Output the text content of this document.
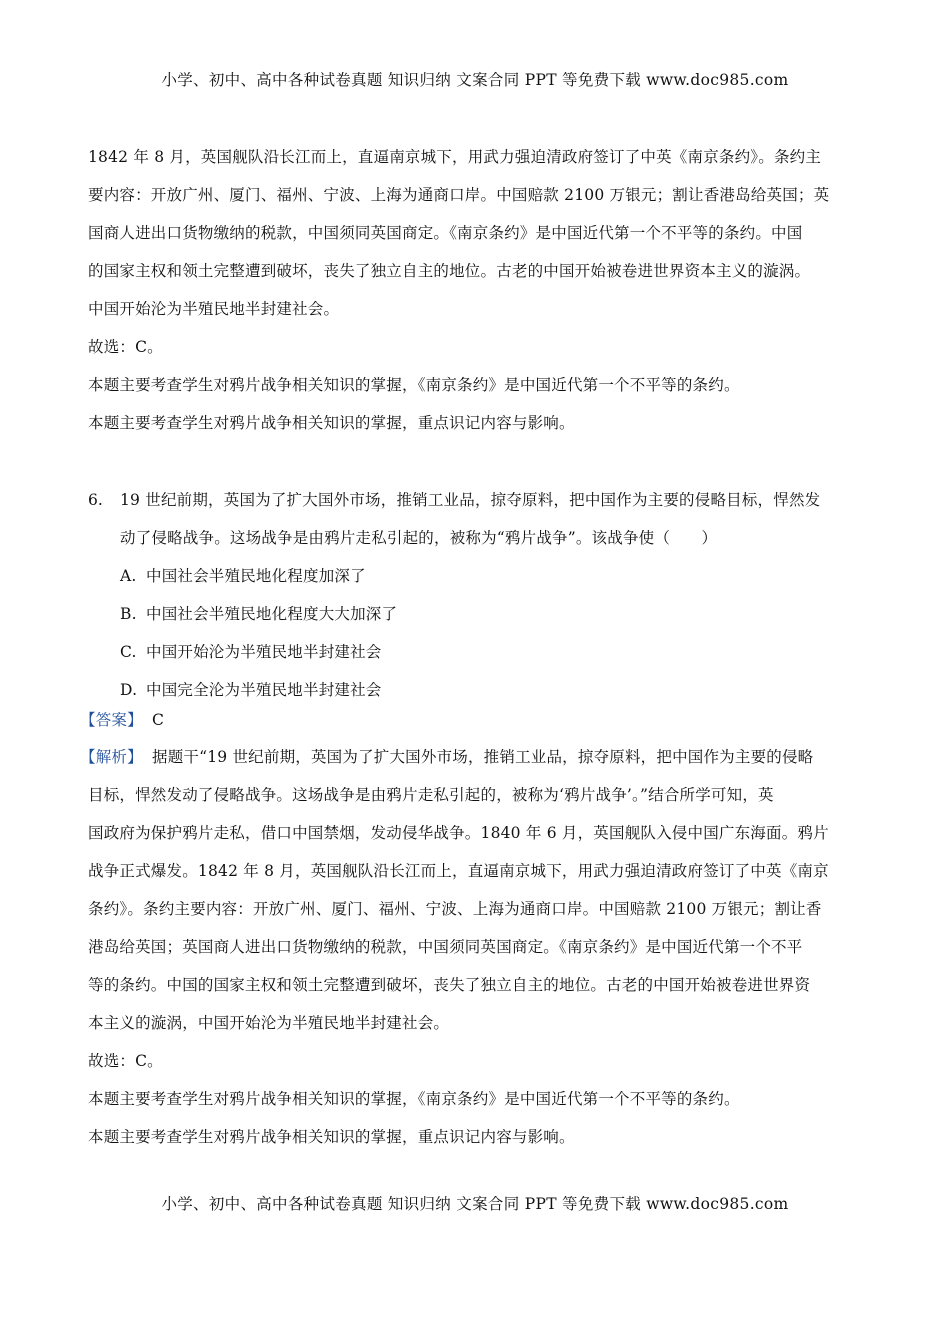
小学、初中、高中各种试卷真题 知识归纳 文案合同 PPT 等免费下载 www.doc985.com
1842 年 8 月，英国舰队沿长江而上，直逼南京城下，用武力强迫清政府签订了中英《南京条约》。条约主
要内容：开放广州、厦门、福州、宁波、上海为通商口岸。中国赔款 2100 万银元；割让香港岛给英国；英
国商人进出口货物缴纳的税款，中国须同英国商定。《南京条约》是中国近代第一个不平等的条约。中国
的国家主权和领土完整遭到破坏，丧失了独立自主的地位。古老的中国开始被卷进世界资本主义的漩涡。
中国开始沦为半殖民地半封建社会。
故选：C。
本题主要考查学生对鸦片战争相关知识的掌握，《南京条约》是中国近代第一个不平等的条约。
本题主要考查学生对鸦片战争相关知识的掌握，重点识记内容与影响。
6. 19 世纪前期，英国为了扩大国外市场，推销工业品，掠夺原料，把中国作为主要的侵略目标，悍然发
动了侵略战争。这场战争是由鸦片走私引起的，被称为“鸦片战争”。该战争使（　　）
A. 中国社会半殖民地化程度加深了
B. 中国社会半殖民地化程度大大加深了
C. 中国开始沦为半殖民地半封建社会
D. 中国完全沦为半殖民地半封建社会
【答案】 C
【解析】 据题干“19 世纪前期，英国为了扩大国外市场，推销工业品，掠夺原料，把中国作为主要的侵略
目标，悍然发动了侵略战争。这场战争是由鸦片走私引起的，被称为‘鸦片战争’。”结合所学可知，英
国政府为保护鸦片走私，借口中国禁烟，发动侵华战争。1840 年 6 月，英国舰队入侵中国广东海面。鸦片
战争正式爆发。1842 年 8 月，英国舰队沿长江而上，直逼南京城下，用武力强迫清政府签订了中英《南京
条约》。条约主要内容：开放广州、厦门、福州、宁波、上海为通商口岸。中国赔款 2100 万银元；割让香
港岛给英国；英国商人进出口货物缴纳的税款，中国须同英国商定。《南京条约》是中国近代第一个不平
等的条约。中国的国家主权和领土完整遭到破坏，丧失了独立自主的地位。古老的中国开始被卷进世界资
本主义的漩涡，中国开始沦为半殖民地半封建社会。
故选：C。
本题主要考查学生对鸦片战争相关知识的掌握，《南京条约》是中国近代第一个不平等的条约。
本题主要考查学生对鸦片战争相关知识的掌握，重点识记内容与影响。
小学、初中、高中各种试卷真题 知识归纳 文案合同 PPT 等免费下载 www.doc985.com
